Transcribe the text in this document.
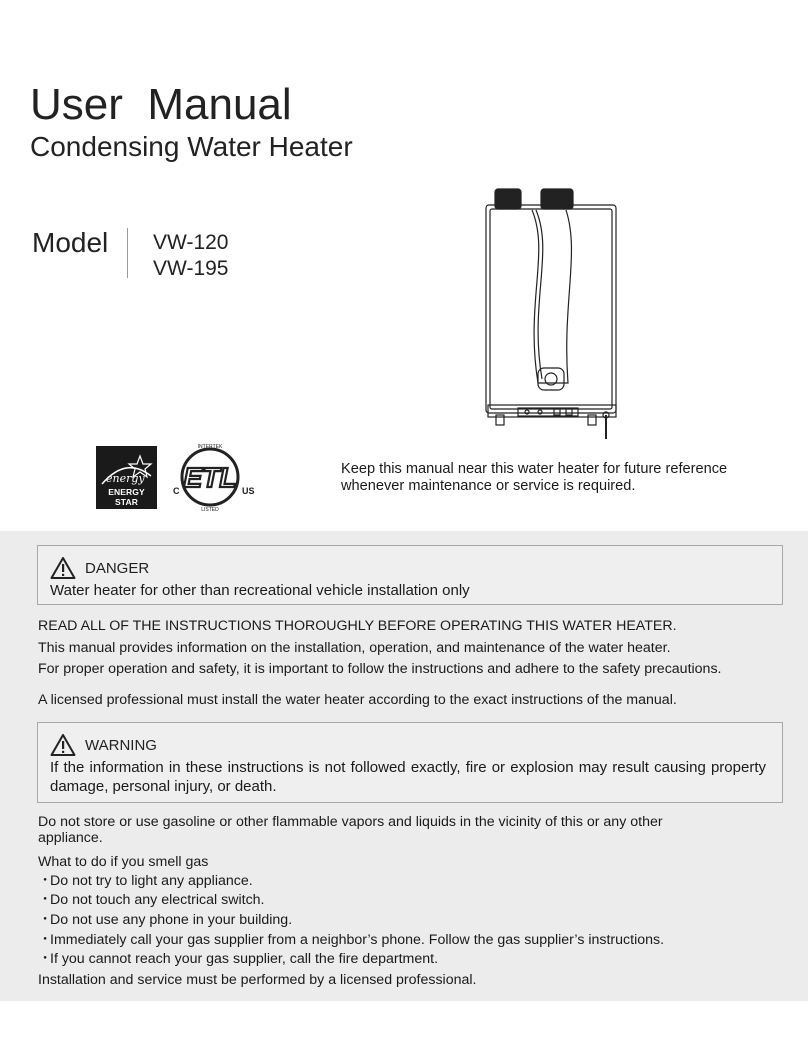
User  Manual
Condensing Water Heater
Model VW-120
VW-195
energy
ENERGY STAR
ETL
INTERTEK
LISTED
C	US
Keep this manual near this water heater for future reference whenever maintenance or service is required.
DANGER
Water heater for other than recreational vehicle installation only
READ ALL OF THE INSTRUCTIONS THOROUGHLY BEFORE OPERATING THIS WATER HEATER.
This manual provides information on the installation, operation, and maintenance of the water heater.
For proper operation and safety, it is important to follow the instructions and adhere to the safety precautions.
A licensed professional must install the water heater according to the exact instructions of the manual.
WARNING
If the information in these instructions is not followed exactly, fire or explosion may result causing property damage, personal injury, or death.
Do not store or use gasoline or other flammable vapors and liquids in the vicinity of this or any other
appliance.
What to do if you smell gas
・Do not try to light any appliance.
・Do not touch any electrical switch.
・Do not use any phone in your building.
・Immediately call your gas supplier from a neighbor’s phone. Follow the gas supplier’s instructions.
・If you cannot reach your gas supplier, call the fire department.
Installation and service must be performed by a licensed professional.
